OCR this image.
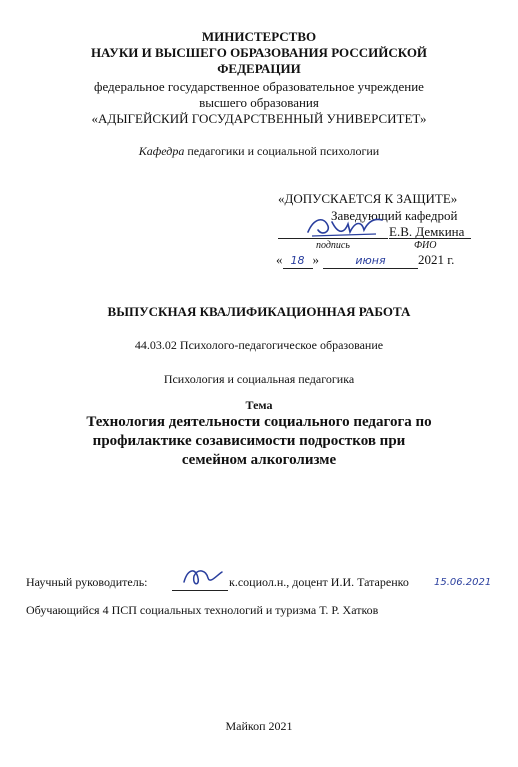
МИНИСТЕРСТВО
НАУКИ И ВЫСШЕГО ОБРАЗОВАНИЯ РОССИЙСКОЙ
ФЕДЕРАЦИИ
федеральное государственное образовательное учреждение
высшего образования
«АДЫГЕЙСКИЙ ГОСУДАРСТВЕННЫЙ УНИВЕРСИТЕТ»
Кафедра педагогики и социальной психологии
«ДОПУСКАЕТСЯ К ЗАЩИТЕ»
Заведующий кафедрой
Е.В. Демкина
подпись	ФИО
« 18 »	июня 2021 г.
ВЫПУСКНАЯ КВАЛИФИКАЦИОННАЯ РАБОТА
44.03.02 Психолого-педагогическое образование
Психология и социальная педагогика
Тема
Технология деятельности социального педагога по
профилактике созависимости подростков при
семейном алкоголизме
Научный руководитель:	к.социол.н., доцент И.И. Татаренко	15.06.2021
Обучающийся 4 ПСП социальных технологий и туризма Т. Р. Хатков
Майкоп 2021
